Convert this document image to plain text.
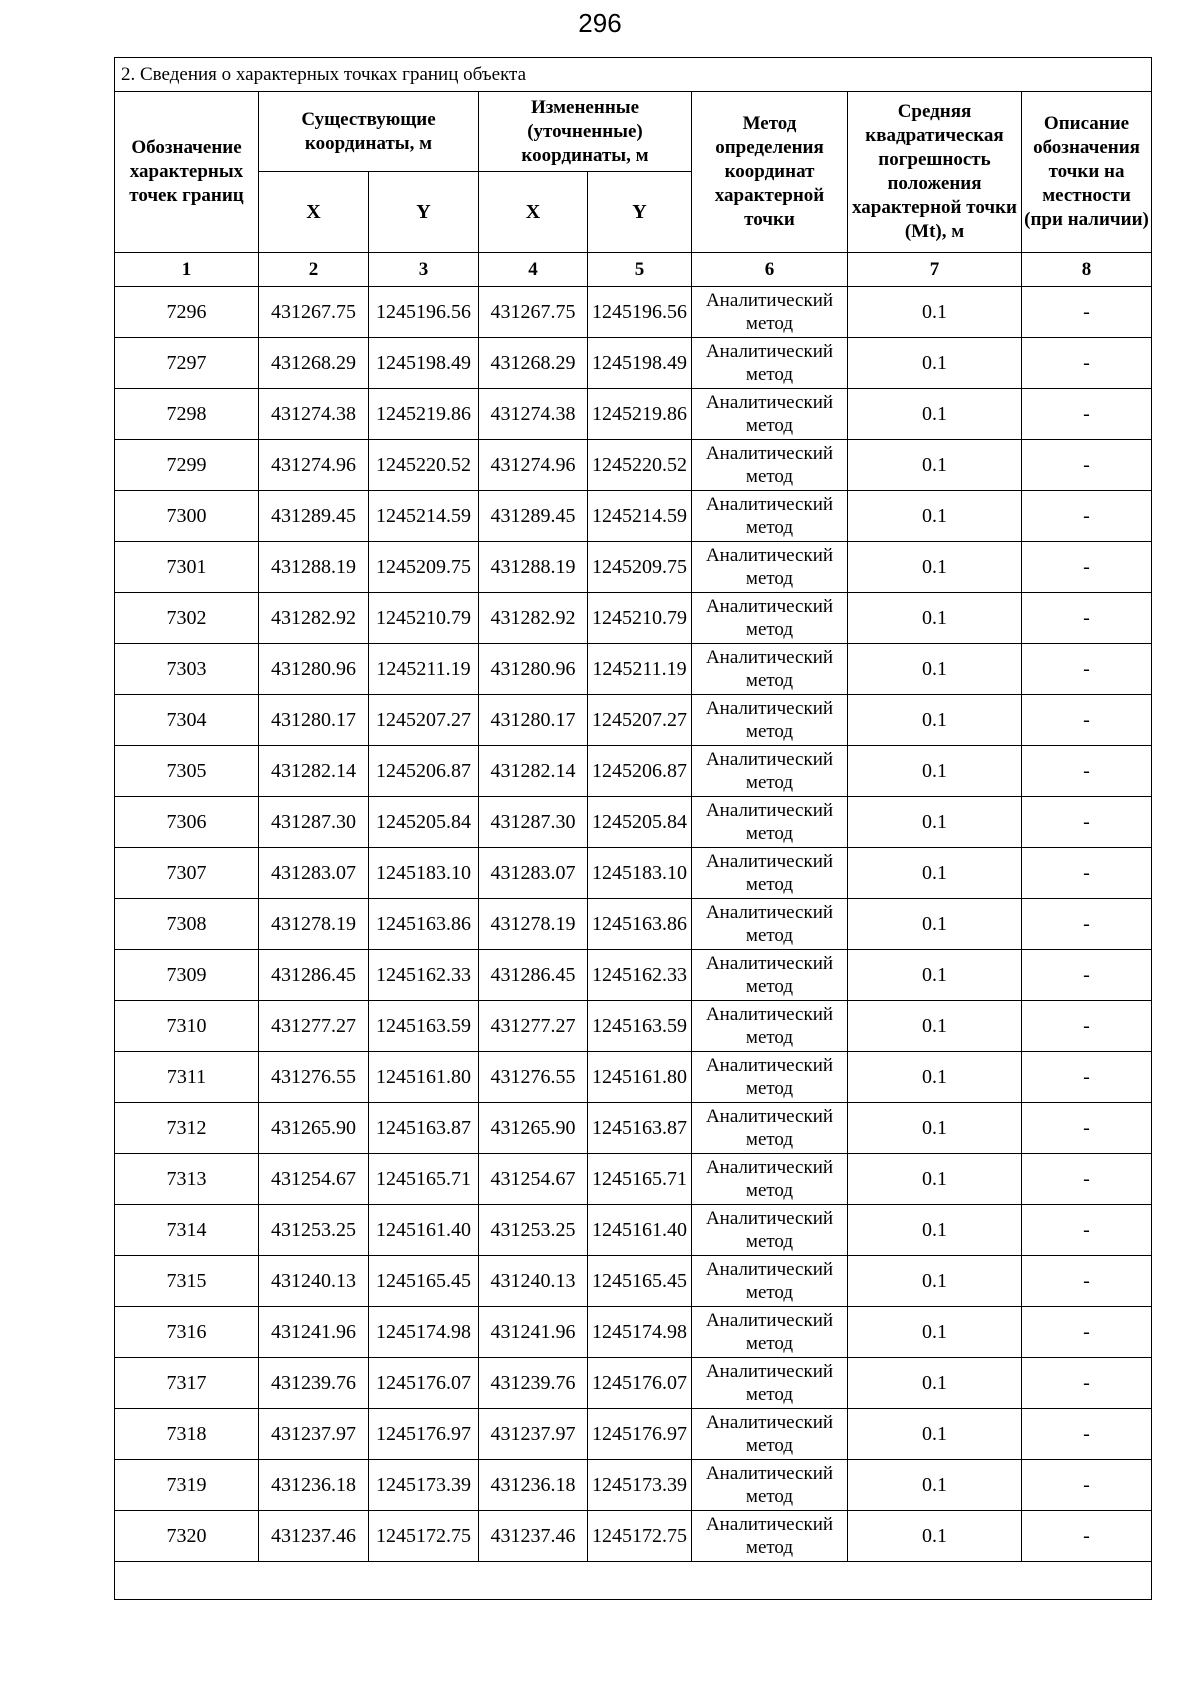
296
2. Сведения о характерных точках границ объекта							
Обозначение характерных точек границ	Существующие координаты, м		Измененные (уточненные) координаты, м		Метод определения координат характерной точки	Средняя квадратическая погрешность положения характерной точки (Mt), м	Описание обозначения точки на местности (при наличии)
	X	Y	X	Y			
1	2	3	4	5	6	7	8
7296	431267.75	1245196.56	431267.75	1245196.56	Аналитический метод	0.1	-
7297	431268.29	1245198.49	431268.29	1245198.49	Аналитический метод	0.1	-
7298	431274.38	1245219.86	431274.38	1245219.86	Аналитический метод	0.1	-
7299	431274.96	1245220.52	431274.96	1245220.52	Аналитический метод	0.1	-
7300	431289.45	1245214.59	431289.45	1245214.59	Аналитический метод	0.1	-
7301	431288.19	1245209.75	431288.19	1245209.75	Аналитический метод	0.1	-
7302	431282.92	1245210.79	431282.92	1245210.79	Аналитический метод	0.1	-
7303	431280.96	1245211.19	431280.96	1245211.19	Аналитический метод	0.1	-
7304	431280.17	1245207.27	431280.17	1245207.27	Аналитический метод	0.1	-
7305	431282.14	1245206.87	431282.14	1245206.87	Аналитический метод	0.1	-
7306	431287.30	1245205.84	431287.30	1245205.84	Аналитический метод	0.1	-
7307	431283.07	1245183.10	431283.07	1245183.10	Аналитический метод	0.1	-
7308	431278.19	1245163.86	431278.19	1245163.86	Аналитический метод	0.1	-
7309	431286.45	1245162.33	431286.45	1245162.33	Аналитический метод	0.1	-
7310	431277.27	1245163.59	431277.27	1245163.59	Аналитический метод	0.1	-
7311	431276.55	1245161.80	431276.55	1245161.80	Аналитический метод	0.1	-
7312	431265.90	1245163.87	431265.90	1245163.87	Аналитический метод	0.1	-
7313	431254.67	1245165.71	431254.67	1245165.71	Аналитический метод	0.1	-
7314	431253.25	1245161.40	431253.25	1245161.40	Аналитический метод	0.1	-
7315	431240.13	1245165.45	431240.13	1245165.45	Аналитический метод	0.1	-
7316	431241.96	1245174.98	431241.96	1245174.98	Аналитический метод	0.1	-
7317	431239.76	1245176.07	431239.76	1245176.07	Аналитический метод	0.1	-
7318	431237.97	1245176.97	431237.97	1245176.97	Аналитический метод	0.1	-
7319	431236.18	1245173.39	431236.18	1245173.39	Аналитический метод	0.1	-
7320	431237.46	1245172.75	431237.46	1245172.75	Аналитический метод	0.1	-
